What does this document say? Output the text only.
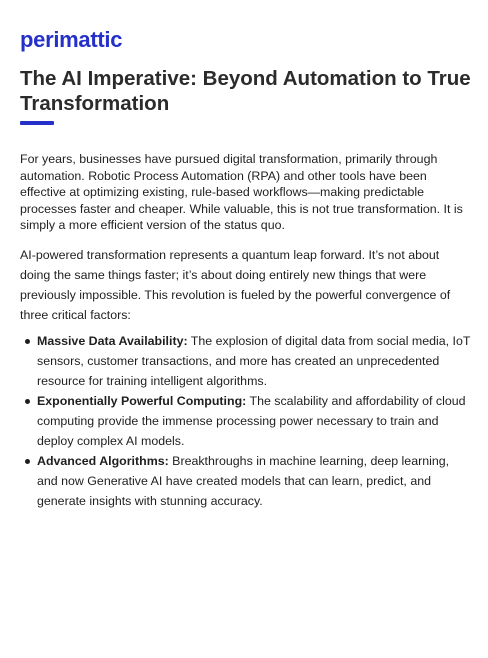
perimattic
The AI Imperative: Beyond Automation to True Transformation

For years, businesses have pursued digital transformation, primarily through automation. Robotic Process Automation (RPA) and other tools have been effective at optimizing existing, rule-based workflows—making predictable processes faster and cheaper. While valuable, this is not true transformation. It is simply a more efficient version of the status quo.

AI-powered transformation represents a quantum leap forward. It’s not about doing the same things faster; it’s about doing entirely new things that were previously impossible. This revolution is fueled by the powerful convergence of three critical factors:

Massive Data Availability: The explosion of digital data from social media, IoT sensors, customer transactions, and more has created an unprecedented resource for training intelligent algorithms.
Exponentially Powerful Computing: The scalability and affordability of cloud computing provide the immense processing power necessary to train and deploy complex AI models.
Advanced Algorithms: Breakthroughs in machine learning, deep learning, and now Generative AI have created models that can learn, predict, and generate insights with stunning accuracy.
